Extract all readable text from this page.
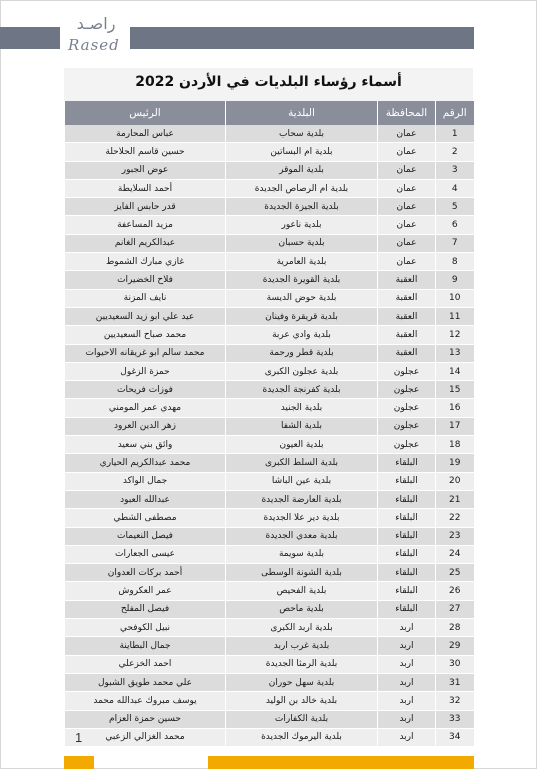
راصـد
Rased
أسماء رؤساء البلديات في الأردن 2022
الرقم	المحافظة	البلدية	الرئيس
1	عمان	بلدية سحاب	عباس المحارمة
2	عمان	بلدية ام البساتين	حسين قاسم الحلاحلة
3	عمان	بلدية الموقر	عوض الجبور
4	عمان	بلدية ام الرصاص الجديدة	أحمد السلايطة
5	عمان	بلدية الجيزة الجديدة	قدر حابس الفايز
6	عمان	بلدية ناعور	مزيد المساعفة
7	عمان	بلدية حسبان	عبدالكريم الغانم
8	عمان	بلدية العامرية	غازي مبارك الشموط
9	العقبة	بلدية القويرة الجديدة	فلاح الخضيرات
10	العقبة	بلدية حوض الديسة	نايف المزنة
11	العقبة	بلدية قريقرة وفينان	عيد علي ابو زيد السعيديين
12	العقبة	بلدية وادي عربة	محمد صباح السعيديين
13	العقبة	بلدية قطر ورحمة	محمد سالم ابو غريقانه الاحيوات
14	عجلون	بلدية عجلون الكبرى	حمزة الزغول
15	عجلون	بلدية كفرنجة الجديدة	فوزات فريحات
16	عجلون	بلدية الجنيد	مهدي عمر المومني
17	عجلون	بلدية الشفا	زهر الدين العرود
18	عجلون	بلدية العيون	وائق بني سعيد
19	البلقاء	بلدية السلط الكبرى	محمد عبدالكريم الحياري
20	البلقاء	بلدية عين الباشا	جمال الواكد
21	البلقاء	بلدية العارضة الجديدة	عبدالله العبود
22	البلقاء	بلدية دير علا الجديدة	مصطفى الشطي
23	البلقاء	بلدية معدي الجديدة	فيصل النعيمات
24	البلقاء	بلدية سويمة	عيسى الجعارات
25	البلقاء	بلدية الشونة الوسطى	أحمد بركات العدوان
26	البلقاء	بلدية الفحيص	عمر العكروش
27	البلقاء	بلدية ماحص	فيصل المفلح
28	اربد	بلدية اربد الكبرى	نبيل الكوفحي
29	اربد	بلدية غرب اربد	جمال البطاينة
30	اربد	بلدية الرمثا الجديدة	احمد الخزعلي
31	اربد	بلدية سهل حوران	علي محمد طويق الشبول
32	اربد	بلدية خالد بن الوليد	يوسف مبروك عبدالله محمد
33	اربد	بلدية الكفارات	حسين حمزة العزام
34	اربد	بلدية اليرموك الجديدة	محمد الغزالي الزعبي
1
